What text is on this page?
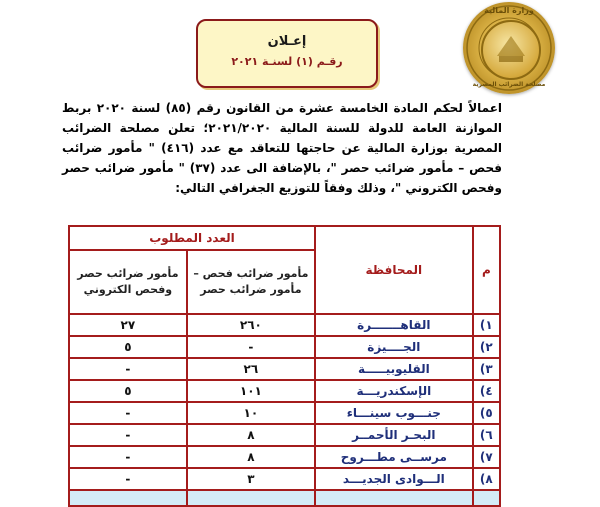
وزارة المالية
مصلحة الضرائب المصرية
إعـلان
رقـم (١) لسنـة ٢٠٢١
اعمالاً لحكم المادة الخامسة عشرة من القانون رقم (٨٥) لسنة ٢٠٢٠ بربط الموازنة العامة للدولة للسنة المالية ٢٠٢١/٢٠٢٠؛ تعلن مصلحة الضرائب المصرية بوزارة المالية عن حاجتها للتعاقد مع عدد (٤١٦) " مأمور ضرائب فحص – مأمور ضرائب حصر "، بالإضافة الى عدد (٣٧) " مأمور ضرائب حصر وفحص الكتروني "، وذلك وفقاً للتوزيع الجغرافي التالي:
م	المحافظة	العدد المطلوب	
		مأمور ضرائب فحص – مأمور ضرائب حصر	مأمور ضرائب حصر وفحص الكتروني
١)	القاهـــــــرة	٢٦٠	٢٧
٢)	الجــــيزة	-	٥
٣)	القليوبيـــــة	٢٦	-
٤)	الإسكندريـــة	١٠١	٥
٥)	جنـــوب سينـــاء	١٠	-
٦)	البحـر الأحمــر	٨	-
٧)	مرســى مطـــروح	٨	-
٨)	الـــوادى الجديـــد	٣	-
